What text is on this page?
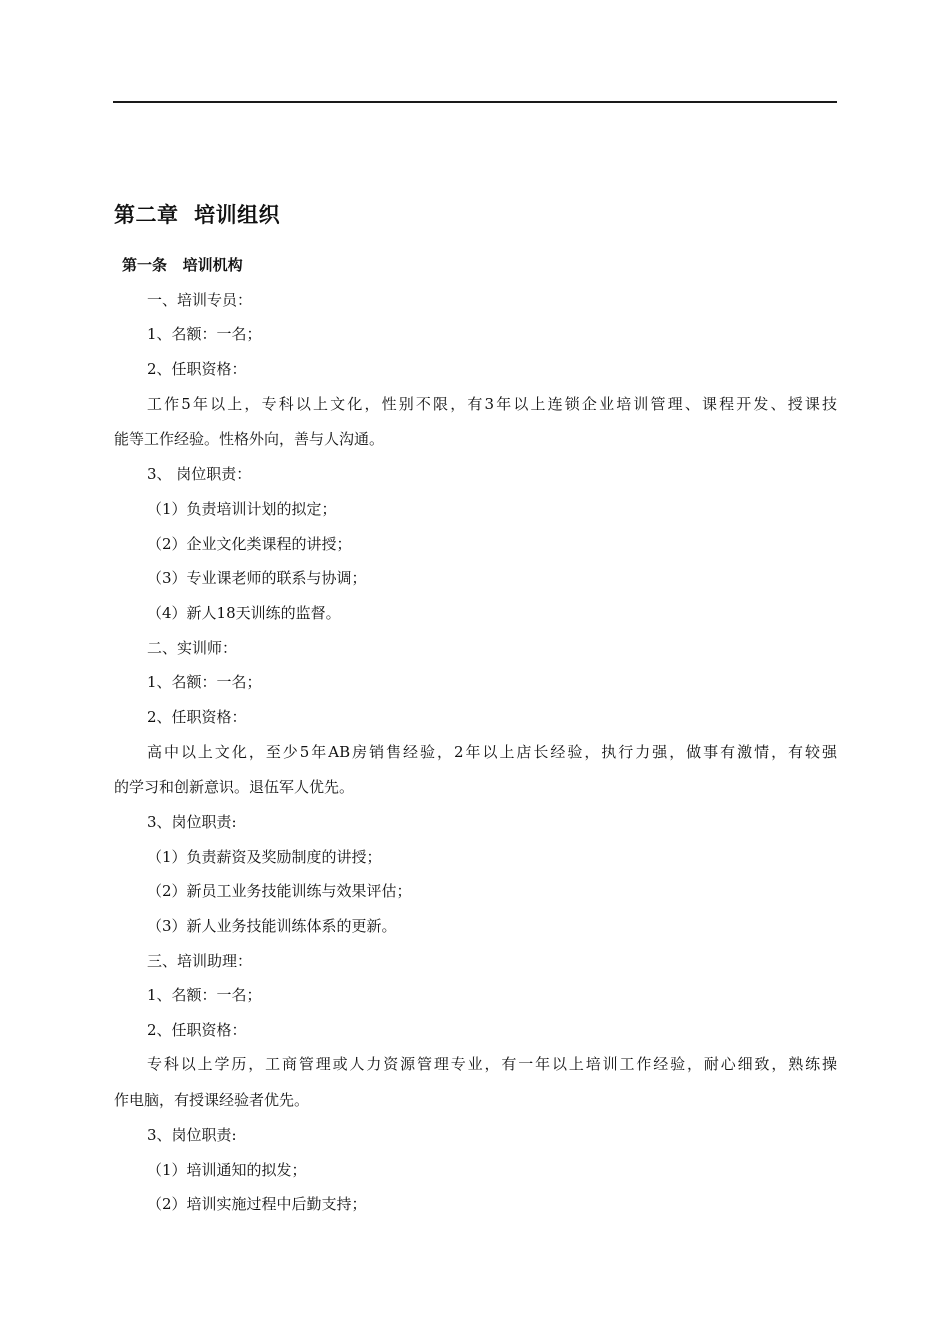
第二章  培训组织
第一条   培训机构
一、培训专员：
1、名额：一名；
2、任职资格：
工作5年以上，专科以上文化，性别不限，有3年以上连锁企业培训管理、课程开发、授课技
能等工作经验。性格外向，善与人沟通。
3、 岗位职责：
（1）负责培训计划的拟定；
（2）企业文化类课程的讲授；
（3）专业课老师的联系与协调；
（4）新人18天训练的监督。
二、实训师：
1、名额：一名；
2、任职资格：
高中以上文化，至少5年AB房销售经验，2年以上店长经验，执行力强，做事有激情，有较强
的学习和创新意识。退伍军人优先。
3、岗位职责:
（1）负责薪资及奖励制度的讲授；
（2）新员工业务技能训练与效果评估；
（3）新人业务技能训练体系的更新。
三、培训助理：
1、名额：一名；
2、任职资格：
专科以上学历，工商管理或人力资源管理专业，有一年以上培训工作经验，耐心细致，熟练操
作电脑，有授课经验者优先。
3、岗位职责:
（1）培训通知的拟发；
（2）培训实施过程中后勤支持；
